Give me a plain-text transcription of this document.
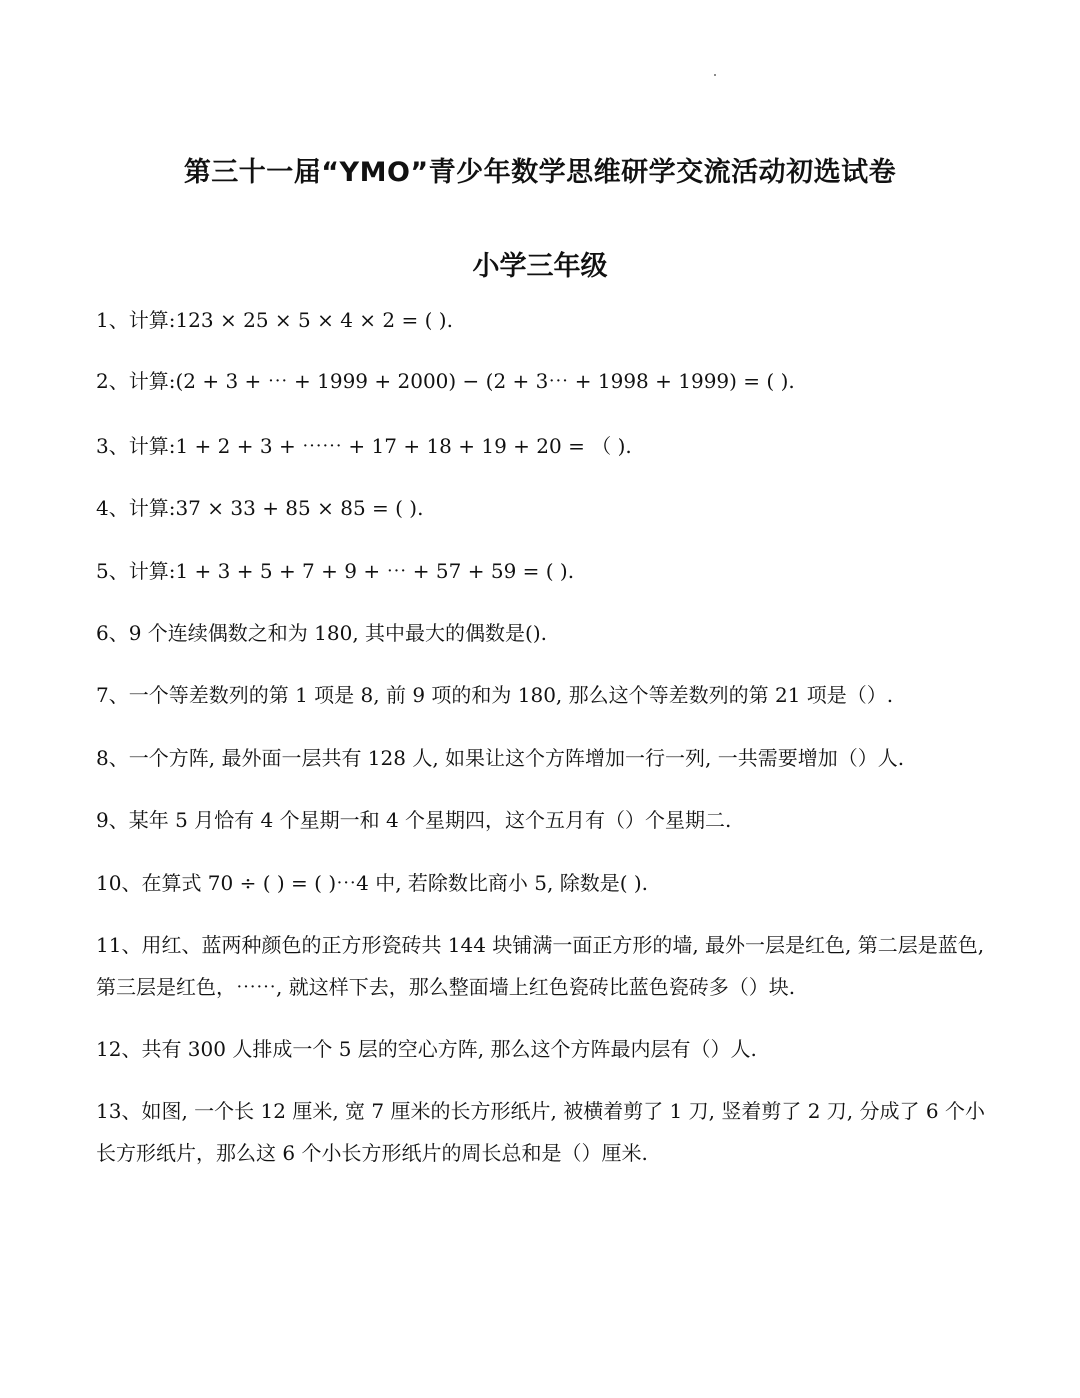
第三十一届“YMO”青少年数学思维研学交流活动初选试卷
小学三年级

1、计算:123 × 25 × 5 × 4 × 2 = ( ).

2、计算:(2 + 3 + ⋯ + 1999 + 2000) − (2 + 3⋯ + 1998 + 1999) = ( ).

3、计算:1 + 2 + 3 + ⋯⋯ + 17 + 18 + 19 + 20 = （ ).

4、计算:37 × 33 + 85 × 85 = ( ).

5、计算:1 + 3 + 5 + 7 + 9 + ⋯ + 57 + 59 = ( ).

6、9 个连续偶数之和为 180, 其中最大的偶数是().

7、一个等差数列的第 1 项是 8, 前 9 项的和为 180, 那么这个等差数列的第 21 项是（）.

8、一个方阵, 最外面一层共有 128 人, 如果让这个方阵增加一行一列, 一共需要增加（）人.

9、某年 5 月恰有 4 个星期一和 4 个星期四，这个五月有（）个星期二.

10、在算式 70 ÷ ( ) = ( )⋯4 中, 若除数比商小 5, 除数是( ).

11、用红、蓝两种颜色的正方形瓷砖共 144 块铺满一面正方形的墙, 最外一层是红色, 第二层是蓝色, 第三层是红色，⋯⋯, 就这样下去，那么整面墙上红色瓷砖比蓝色瓷砖多（）块.

12、共有 300 人排成一个 5 层的空心方阵, 那么这个方阵最内层有（）人.

13、如图, 一个长 12 厘米, 宽 7 厘米的长方形纸片, 被横着剪了 1 刀, 竖着剪了 2 刀, 分成了 6 个小长方形纸片，那么这 6 个小长方形纸片的周长总和是（）厘米.
